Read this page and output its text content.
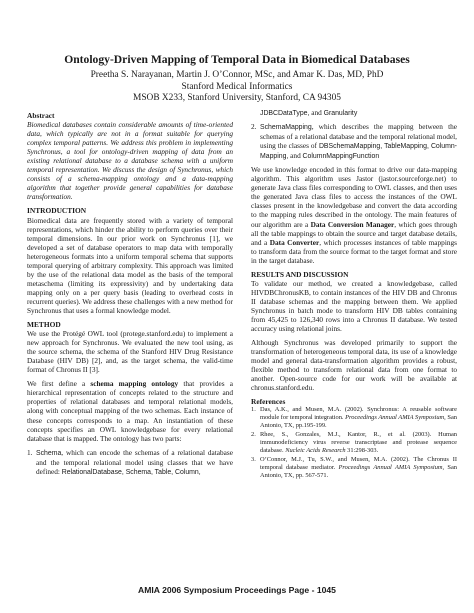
Ontology-Driven Mapping of Temporal Data in Biomedical Databases
Preetha S. Narayanan, Martin J. O’Connor, MSc, and Amar K. Das, MD, PhD
Stanford Medical Informatics
MSOB X233, Stanford University, Stanford, CA 94305
Abstract

Biomedical databases contain considerable amounts of time-oriented data, which typically are not in a format suitable for querying complex temporal patterns. We address this problem in implementing Synchronus, a tool for ontology-driven mapping of data from an existing relational database to a database schema with a uniform temporal representation. We discuss the design of Synchronus, which consists of a schema-mapping ontology and a data-mapping algorithm that together provide general capabilities for database transformation.

INTRODUCTION

Biomedical data are frequently stored with a variety of temporal representations, which hinder the ability to perform queries over their temporal dimensions. In our prior work on Synchronus [1], we developed a set of database operators to map data with temporally heterogeneous formats into a uniform temporal schema that supports temporal querying of arbitrary complexity. This approach was limited by the use of the relational data model as the basis of the temporal metaschema (limiting its expressivity) and by undertaking data mapping only on a per query basis (leading to overhead costs in recurrent queries). We address these challenges with a new method for Synchronus that uses a formal knowledge model.

METHOD

We use the Protégé OWL tool (protege.stanford.edu) to implement a new approach for Synchronus. We evaluated the new tool using, as the source schema, the schema of the Stanford HIV Drug Resistance Database (HIV DB) [2], and, as the target schema, the valid-time format of Chronus II [3].

We first define a schema mapping ontology that provides a hierarchical representation of concepts related to the structure and properties of relational databases and temporal relational models, along with conceptual mapping of the two schemas. Each instance of these concepts corresponds to a map. An instantiation of these concepts specifies an OWL knowledgebase for every relational database that is mapped. The ontology has two parts:

1. Schema, which can encode the schemas of a relational database and the temporal relational model using classes that we have defined: RelationalDatabase, Schema, Table, Column,
JDBCDataType, and Granularity
2. SchemaMapping, which describes the mapping between the schemas of a relational database and the temporal relational model, using the classes of DBSchemaMapping, TableMapping, Column-Mapping, and ColumnMappingFunction

We use knowledge encoded in this format to drive our data-mapping algorithm. This algorithm uses Jastor (jastor.sourceforge.net) to generate Java class files corresponding to OWL classes, and then uses the generated Java class files to access the instances of the OWL classes present in the knowledgebase and convert the data according to the mapping rules described in the ontology. The main features of our algorithm are a Data Conversion Manager, which goes through all the table mappings to obtain the source and target database details, and a Data Converter, which processes instances of table mappings to transform data from the source format to the target format and store in the target database.

RESULTS AND DISCUSSION

To validate our method, we created a knowledgebase, called HIVDBChronusKB, to contain instances of the HIV DB and Chronus II database schemas and the mapping between them. We applied Synchronus in batch mode to transform HIV DB tables containing from 45,425 to 126,340 rows into a Chronus II database. We tested accuracy using relational joins.

Although Synchronus was developed primarily to support the transformation of heterogeneous temporal data, its use of a knowledge model and general data-transformation algorithm provides a robust, flexible method to transform relational data from one format to another. Open-source code for our work will be available at chronus.stanford.edu.

References
1. Das, A.K., and Musen, M.A. (2002). Synchronus: A reusable software module for temporal integration. Proceedings Annual AMIA Symposium, San Antonio, TX, pp.195-199.
2. Rhee, S., Gonzales, M.J., Kantor, R., et al. (2003). Human immunodeficiency virus reverse transcriptase and protease sequence database. Nucleic Acids Research 31:298-303.
3. O’Connor, M.J., Tu, S.W., and Musen, M.A. (2002). The Chronus II temporal database mediator. Proceedings Annual AMIA Symposium, San Antonio, TX, pp. 567-571.
AMIA 2006 Symposium Proceedings Page - 1045
